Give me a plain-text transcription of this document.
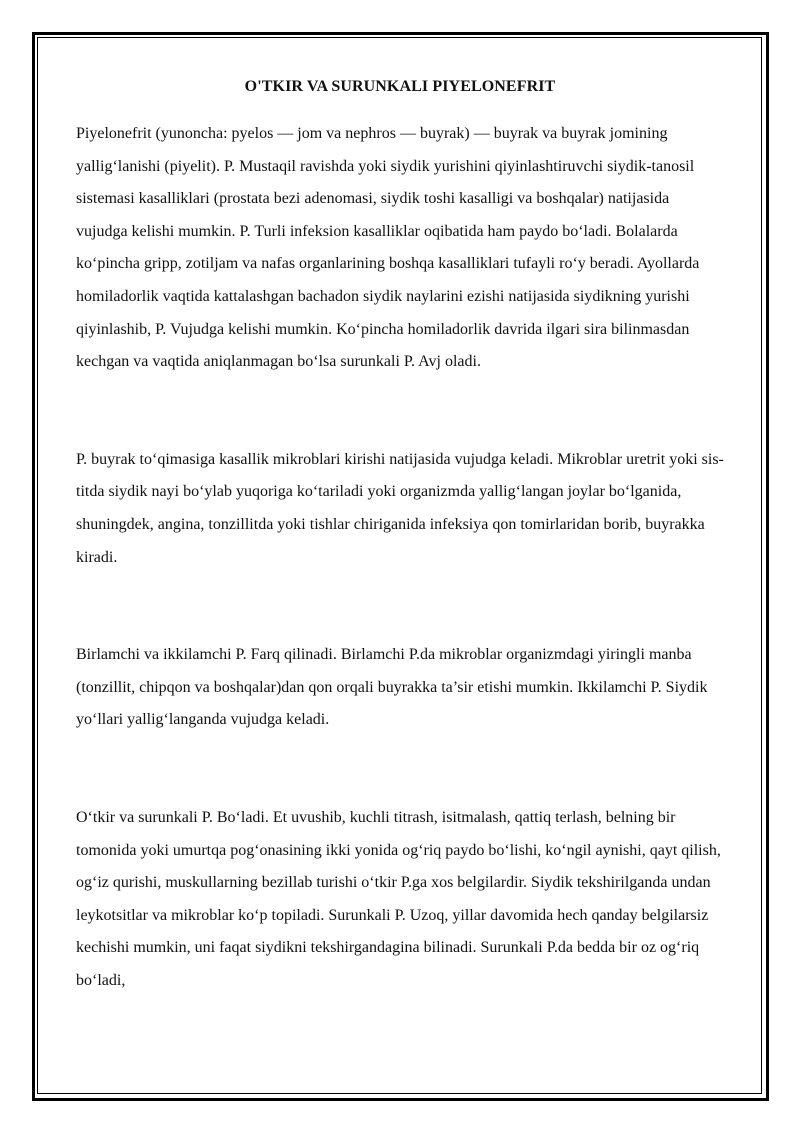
O'TKIR VA SURUNKALI PIYELONEFRIT

Piyelonefrit (yunoncha: pyelos — jom va nephros — buyrak) — buyrak va buyrak jomining yallig‘lanishi (piyelit). P. Mustaqil ravishda yoki siydik yurishini qiyinlashtiruvchi siydik-tanosil sistemasi kasalliklari (prostata bezi adenomasi, siydik toshi kasalligi va boshqalar) natijasida vujudga kelishi mumkin. P. Turli infeksion kasalliklar oqibatida ham paydo bo‘ladi. Bolalarda ko‘pincha gripp, zotiljam va nafas organlarining boshqa kasalliklari tufayli ro‘y beradi. Ayollarda homiladorlik vaqtida kattalashgan bachadon siydik naylarini ezishi natijasida siydikning yurishi qiyinlashib, P. Vujudga kelishi mumkin. Ko‘pincha homiladorlik davrida ilgari sira bilinmasdan kechgan va vaqtida aniqlanmagan bo‘lsa surunkali P. Avj oladi.

P. buyrak to‘qimasiga kasallik mikroblari kirishi natijasida vujudga keladi. Mikroblar uretrit yoki sis-titda siydik nayi bo‘ylab yuqoriga ko‘tariladi yoki organizmda yallig‘langan joylar bo‘lganida, shuningdek, angina, tonzillitda yoki tishlar chiriganida infeksiya qon tomirlaridan borib, buyrakka kiradi.

Birlamchi va ikkilamchi P. Farq qilinadi. Birlamchi P.da mikroblar organizmdagi yiringli manba (tonzillit, chipqon va boshqalar)dan qon orqali buyrakka ta’sir etishi mumkin. Ikkilamchi P. Siydik yo‘llari yallig‘langanda vujudga keladi.

O‘tkir va surunkali P. Bo‘ladi. Et uvushib, kuchli titrash, isitmalash, qattiq terlash, belning bir tomonida yoki umurtqa pog‘onasining ikki yonida og‘riq paydo bo‘lishi, ko‘ngil aynishi, qayt qilish, og‘iz qurishi, muskullarning bezillab turishi o‘tkir P.ga xos belgilardir. Siydik tekshirilganda undan leykotsitlar va mikroblar ko‘p topiladi. Surunkali P. Uzoq, yillar davomida hech qanday belgilarsiz kechishi mumkin, uni faqat siydikni tekshirgandagina bilinadi. Surunkali P.da bedda bir oz og‘riq bo‘ladi,
